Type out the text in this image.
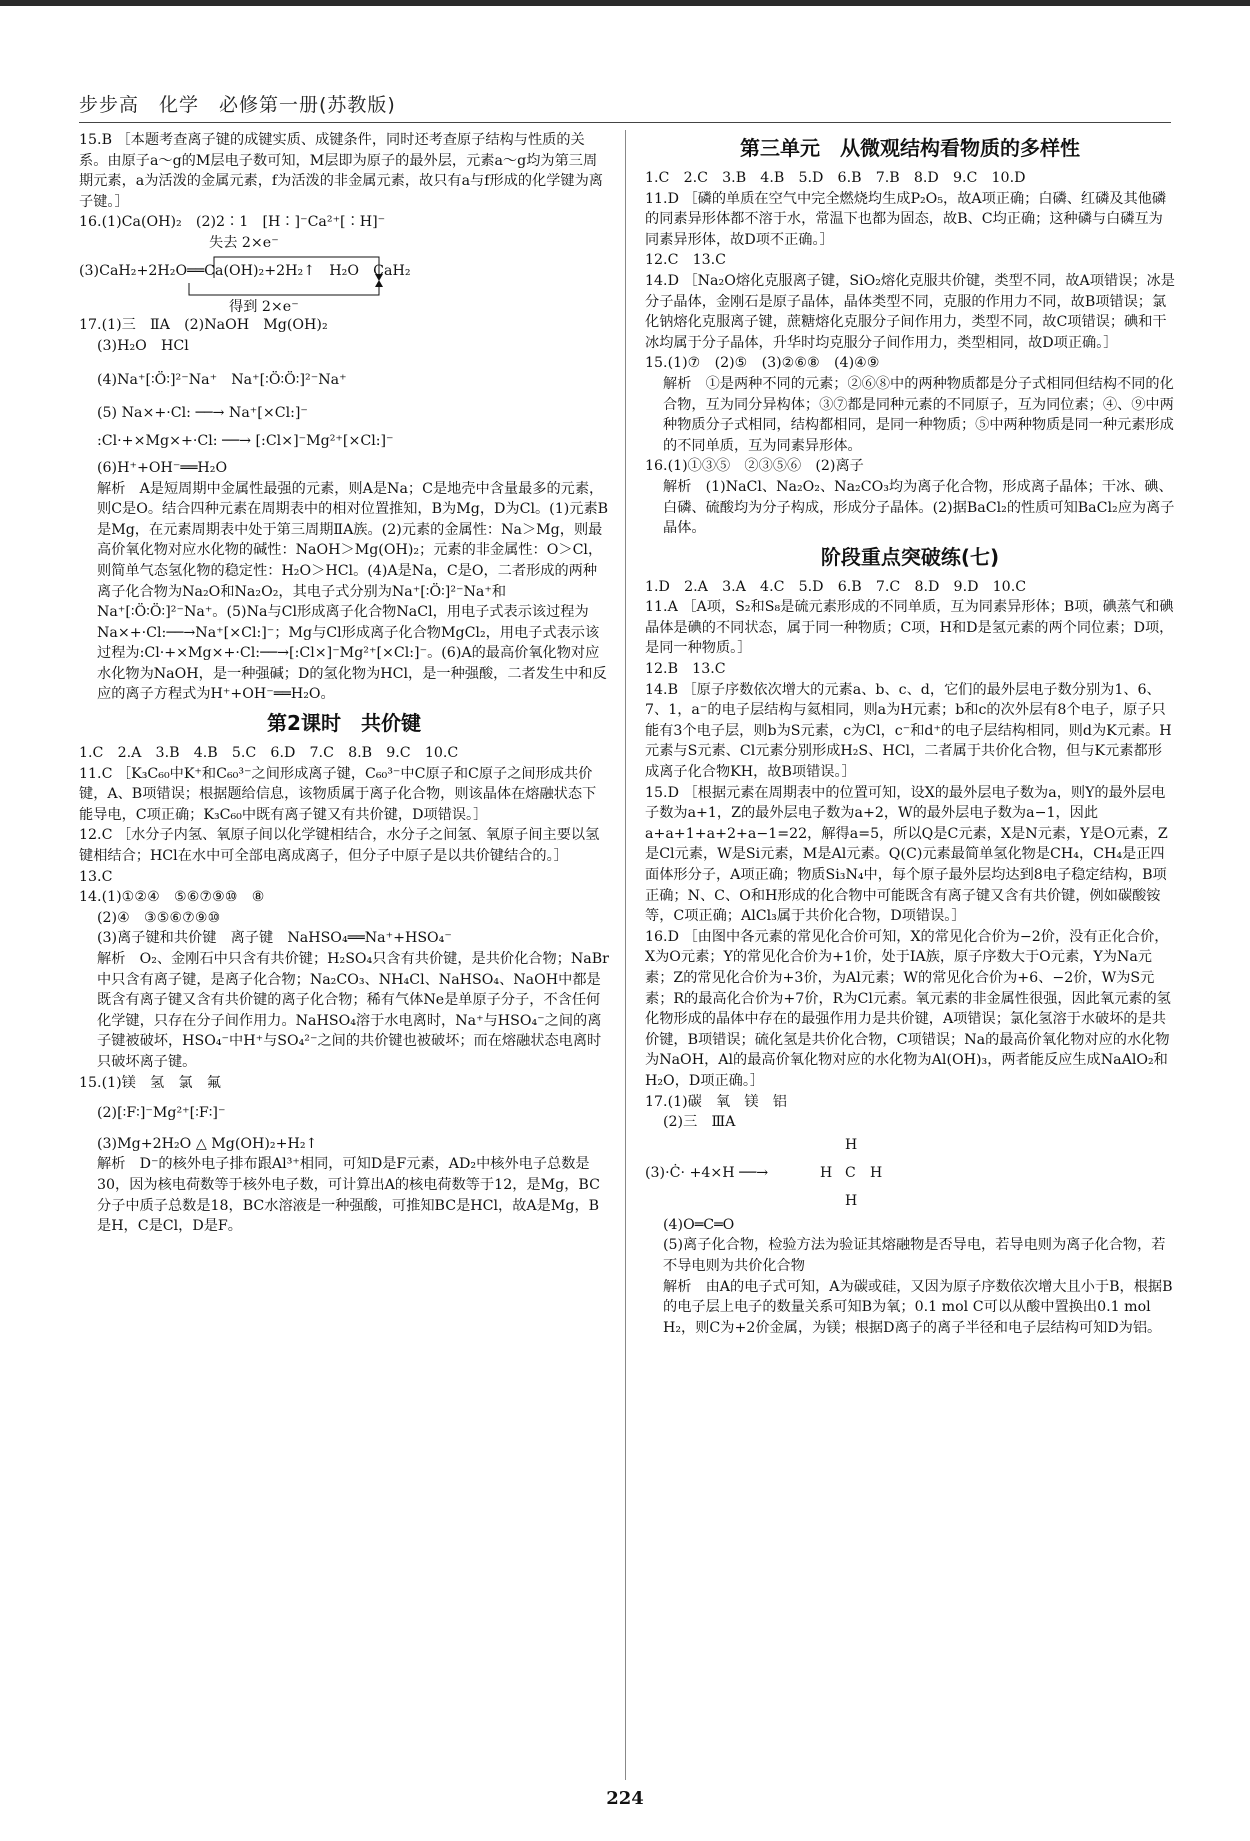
步步高　化学　必修第一册(苏教版)

15.B ［本题考查离子键的成键实质、成键条件，同时还考查原子结构与性质的关系。由原子a～g的M层电子数可知，M层即为原子的最外层，元素a～g均为第三周期元素，a为活泼的金属元素，f为活泼的非金属元素，故只有a与f形成的化学键为离子键。］

16.(1)Ca(OH)₂　(2)2∶1　[H∶]⁻Ca²⁺[∶H]⁻

失去 2×e⁻
(3)CaH₂+2H₂O══Ca(OH)₂+2H₂↑　H₂O　CaH₂
得到 2×e⁻

17.(1)三　ⅡA　(2)NaOH　Mg(OH)₂

(3)H₂O　HCl

(4)Na⁺[∶Ö∶]²⁻Na⁺　Na⁺[∶Ö∶Ö∶]²⁻Na⁺

(5) Na×+·Cl: ──→ Na⁺[×Cl:]⁻

:Cl·+×Mg×+·Cl: ──→ [:Cl×]⁻Mg²⁺[×Cl:]⁻

(6)H⁺+OH⁻══H₂O

解析　A是短周期中金属性最强的元素，则A是Na；C是地壳中含量最多的元素，则C是O。结合四种元素在周期表中的相对位置推知，B为Mg，D为Cl。(1)元素B是Mg，在元素周期表中处于第三周期ⅡA族。(2)元素的金属性：Na＞Mg，则最高价氧化物对应水化物的碱性：NaOH＞Mg(OH)₂；元素的非金属性：O＞Cl，则简单气态氢化物的稳定性：H₂O＞HCl。(4)A是Na，C是O，二者形成的两种离子化合物为Na₂O和Na₂O₂，其电子式分别为Na⁺[∶Ö∶]²⁻Na⁺和Na⁺[∶Ö∶Ö∶]²⁻Na⁺。(5)Na与Cl形成离子化合物NaCl，用电子式表示该过程为Na×+·Cl:──→Na⁺[×Cl:]⁻；Mg与Cl形成离子化合物MgCl₂，用电子式表示该过程为:Cl·+×Mg×+·Cl:──→[:Cl×]⁻Mg²⁺[×Cl:]⁻。(6)A的最高价氧化物对应水化物为NaOH，是一种强碱；D的氢化物为HCl，是一种强酸，二者发生中和反应的离子方程式为H⁺+OH⁻══H₂O。

第2课时　共价键

1.C　2.A　3.B　4.B　5.C　6.D　7.C　8.B　9.C　10.C

11.C ［K₃C₆₀中K⁺和C₆₀³⁻之间形成离子键，C₆₀³⁻中C原子和C原子之间形成共价键，A、B项错误；根据题给信息，该物质属于离子化合物，则该晶体在熔融状态下能导电，C项正确；K₃C₆₀中既有离子键又有共价键，D项错误。］

12.C ［水分子内氢、氧原子间以化学键相结合，水分子之间氢、氧原子间主要以氢键相结合；HCl在水中可全部电离成离子，但分子中原子是以共价键结合的。］

13.C

14.(1)①②④　⑤⑥⑦⑨⑩　⑧

(2)④　③⑤⑥⑦⑨⑩

(3)离子键和共价键　离子键　NaHSO₄══Na⁺+HSO₄⁻

解析　O₂、金刚石中只含有共价键；H₂SO₄只含有共价键，是共价化合物；NaBr中只含有离子键，是离子化合物；Na₂CO₃、NH₄Cl、NaHSO₄、NaOH中都是既含有离子键又含有共价键的离子化合物；稀有气体Ne是单原子分子，不含任何化学键，只存在分子间作用力。NaHSO₄溶于水电离时，Na⁺与HSO₄⁻之间的离子键被破坏，HSO₄⁻中H⁺与SO₄²⁻之间的共价键也被破坏；而在熔融状态电离时只破坏离子键。

15.(1)镁　氢　氯　氟

(2)[∶F∶]⁻Mg²⁺[∶F∶]⁻

(3)Mg+2H₂O △ Mg(OH)₂+H₂↑

解析　D⁻的核外电子排布跟Al³⁺相同，可知D是F元素，AD₂中核外电子总数是30，因为核电荷数等于核外电子数，可计算出A的核电荷数等于12，是Mg，BC分子中质子总数是18，BC水溶液是一种强酸，可推知BC是HCl，故A是Mg，B是H，C是Cl，D是F。

第三单元　从微观结构看物质的多样性

1.C　2.C　3.B　4.B　5.D　6.B　7.B　8.D　9.C　10.D

11.D ［磷的单质在空气中完全燃烧均生成P₂O₅，故A项正确；白磷、红磷及其他磷的同素异形体都不溶于水，常温下也都为固态，故B、C均正确；这种磷与白磷互为同素异形体，故D项不正确。］

12.C　13.C

14.D ［Na₂O熔化克服离子键，SiO₂熔化克服共价键，类型不同，故A项错误；冰是分子晶体，金刚石是原子晶体，晶体类型不同，克服的作用力不同，故B项错误；氯化钠熔化克服离子键，蔗糖熔化克服分子间作用力，类型不同，故C项错误；碘和干冰均属于分子晶体，升华时均克服分子间作用力，类型相同，故D项正确。］

15.(1)⑦　(2)⑤　(3)②⑥⑧　(4)④⑨

解析　①是两种不同的元素；②⑥⑧中的两种物质都是分子式相同但结构不同的化合物，互为同分异构体；③⑦都是同种元素的不同原子，互为同位素；④、⑨中两种物质分子式相同，结构都相同，是同一种物质；⑤中两种物质是同一种元素形成的不同单质，互为同素异形体。

16.(1)①③⑤　②③⑤⑥　(2)离子

解析　(1)NaCl、Na₂O₂、Na₂CO₃均为离子化合物，形成离子晶体；干冰、碘、白磷、硫酸均为分子构成，形成分子晶体。(2)据BaCl₂的性质可知BaCl₂应为离子晶体。

阶段重点突破练(七)

1.D　2.A　3.A　4.C　5.D　6.B　7.C　8.D　9.D　10.C

11.A ［A项，S₂和S₈是硫元素形成的不同单质，互为同素异形体；B项，碘蒸气和碘晶体是碘的不同状态，属于同一种物质；C项，H和D是氢元素的两个同位素；D项，是同一种物质。］

12.B　13.C

14.B ［原子序数依次增大的元素a、b、c、d，它们的最外层电子数分别为1、6、7、1，a⁻的电子层结构与氦相同，则a为H元素；b和c的次外层有8个电子，原子只能有3个电子层，则b为S元素，c为Cl，c⁻和d⁺的电子层结构相同，则d为K元素。H元素与S元素、Cl元素分别形成H₂S、HCl，二者属于共价化合物，但与K元素都形成离子化合物KH，故B项错误。］

15.D ［根据元素在周期表中的位置可知，设X的最外层电子数为a，则Y的最外层电子数为a+1，Z的最外层电子数为a+2，W的最外层电子数为a−1，因此a+a+1+a+2+a−1=22，解得a=5，所以Q是C元素，X是N元素，Y是O元素，Z是Cl元素，W是Si元素，M是Al元素。Q(C)元素最简单氢化物是CH₄，CH₄是正四面体形分子，A项正确；物质Si₃N₄中，每个原子最外层均达到8电子稳定结构，B项正确；N、C、O和H形成的化合物中可能既含有离子键又含有共价键，例如碳酸铵等，C项正确；AlCl₃属于共价化合物，D项错误。］

16.D ［由图中各元素的常见化合价可知，X的常见化合价为−2价，没有正化合价，X为O元素；Y的常见化合价为+1价，处于ⅠA族，原子序数大于O元素，Y为Na元素；Z的常见化合价为+3价，为Al元素；W的常见化合价为+6、−2价，W为S元素；R的最高化合价为+7价，R为Cl元素。氧元素的非金属性很强，因此氧元素的氢化物形成的晶体中存在的最强作用力是共价键，A项错误；氯化氢溶于水破坏的是共价键，B项错误；硫化氢是共价化合物，C项错误；Na的最高价氧化物对应的水化物为NaOH，Al的最高价氧化物对应的水化物为Al(OH)₃，两者能反应生成NaAlO₂和H₂O，D项正确。］

17.(1)碳　氧　镁　铝

(2)三　ⅢA

(3)·Ċ· +4×H ──→
H
H C H
H

(4)O═C═O

(5)离子化合物，检验方法为验证其熔融物是否导电，若导电则为离子化合物，若不导电则为共价化合物

解析　由A的电子式可知，A为碳或硅，又因为原子序数依次增大且小于B，根据B的电子层上电子的数量关系可知B为氧；0.1 mol C可以从酸中置换出0.1 mol H₂，则C为+2价金属，为镁；根据D离子的离子半径和电子层结构可知D为铝。

224
